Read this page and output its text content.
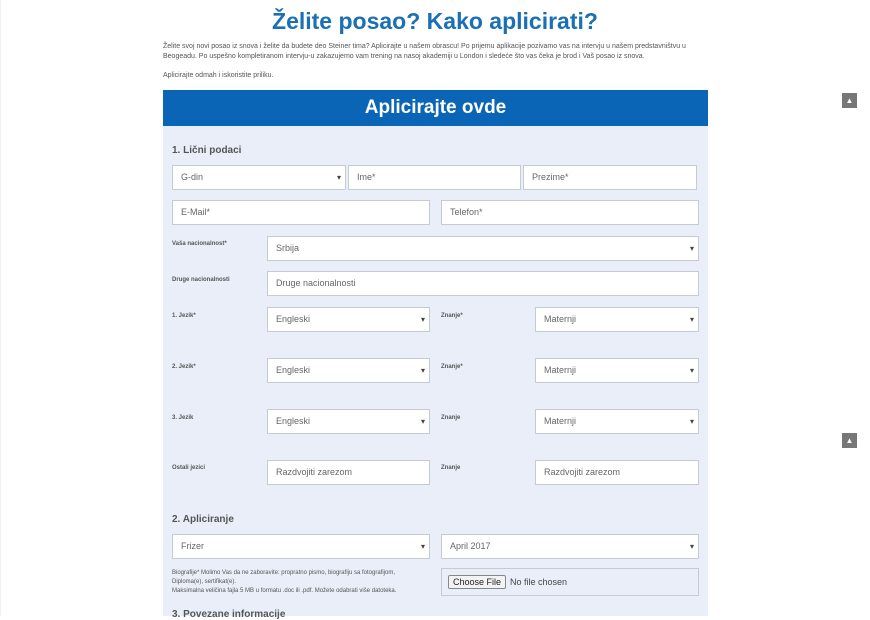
Želite posao? Kako aplicirati?
Želite svoj novi posao iz snova i želite da budete deo Steiner tima? Aplicirajte u našem obrascu! Po prijemu aplikacije pozivamo vas na intervju u našem predstavništvu u Beogeadu. Po uspešno kompletiranom intervju-u zakazujemo vam trening na nasoj akademiji u London i sledeće što vas čeka je brod i Vaš posao iz snova.
Aplicirajte odmah i iskoristite priliku.
Aplicirajte ovde
1. Lični podaci
G-din ▾	Ime*	Prezime*
E-Mail*	Telefon*
Vaša nacionalnost*	Srbija ▾
Druge nacionalnosti	Druge nacionalnosti
1. Jezik*	Engleski ▾	Znanje*	Maternji ▾
2. Jezik*	Engleski ▾	Znanje*	Maternji ▾
3. Jezik	Engleski ▾	Znanje	Maternji ▾
Ostali jezici	Razdvojiti zarezom	Znanje	Razdvojiti zarezom
2. Apliciranje
Frizer ▾	April 2017 ▾
Biografije* Molimo Vas da ne zaboravite: propratno pismo, biografiju sa fotografijom, Diploma(e), sertifikat(e).
Maksimalna veličina fajla 5 MB u formatu .doc ili .pdf. Možete odabrati više datoteka.
Choose File	No file chosen
3. Povezane informacije
▲
▲
